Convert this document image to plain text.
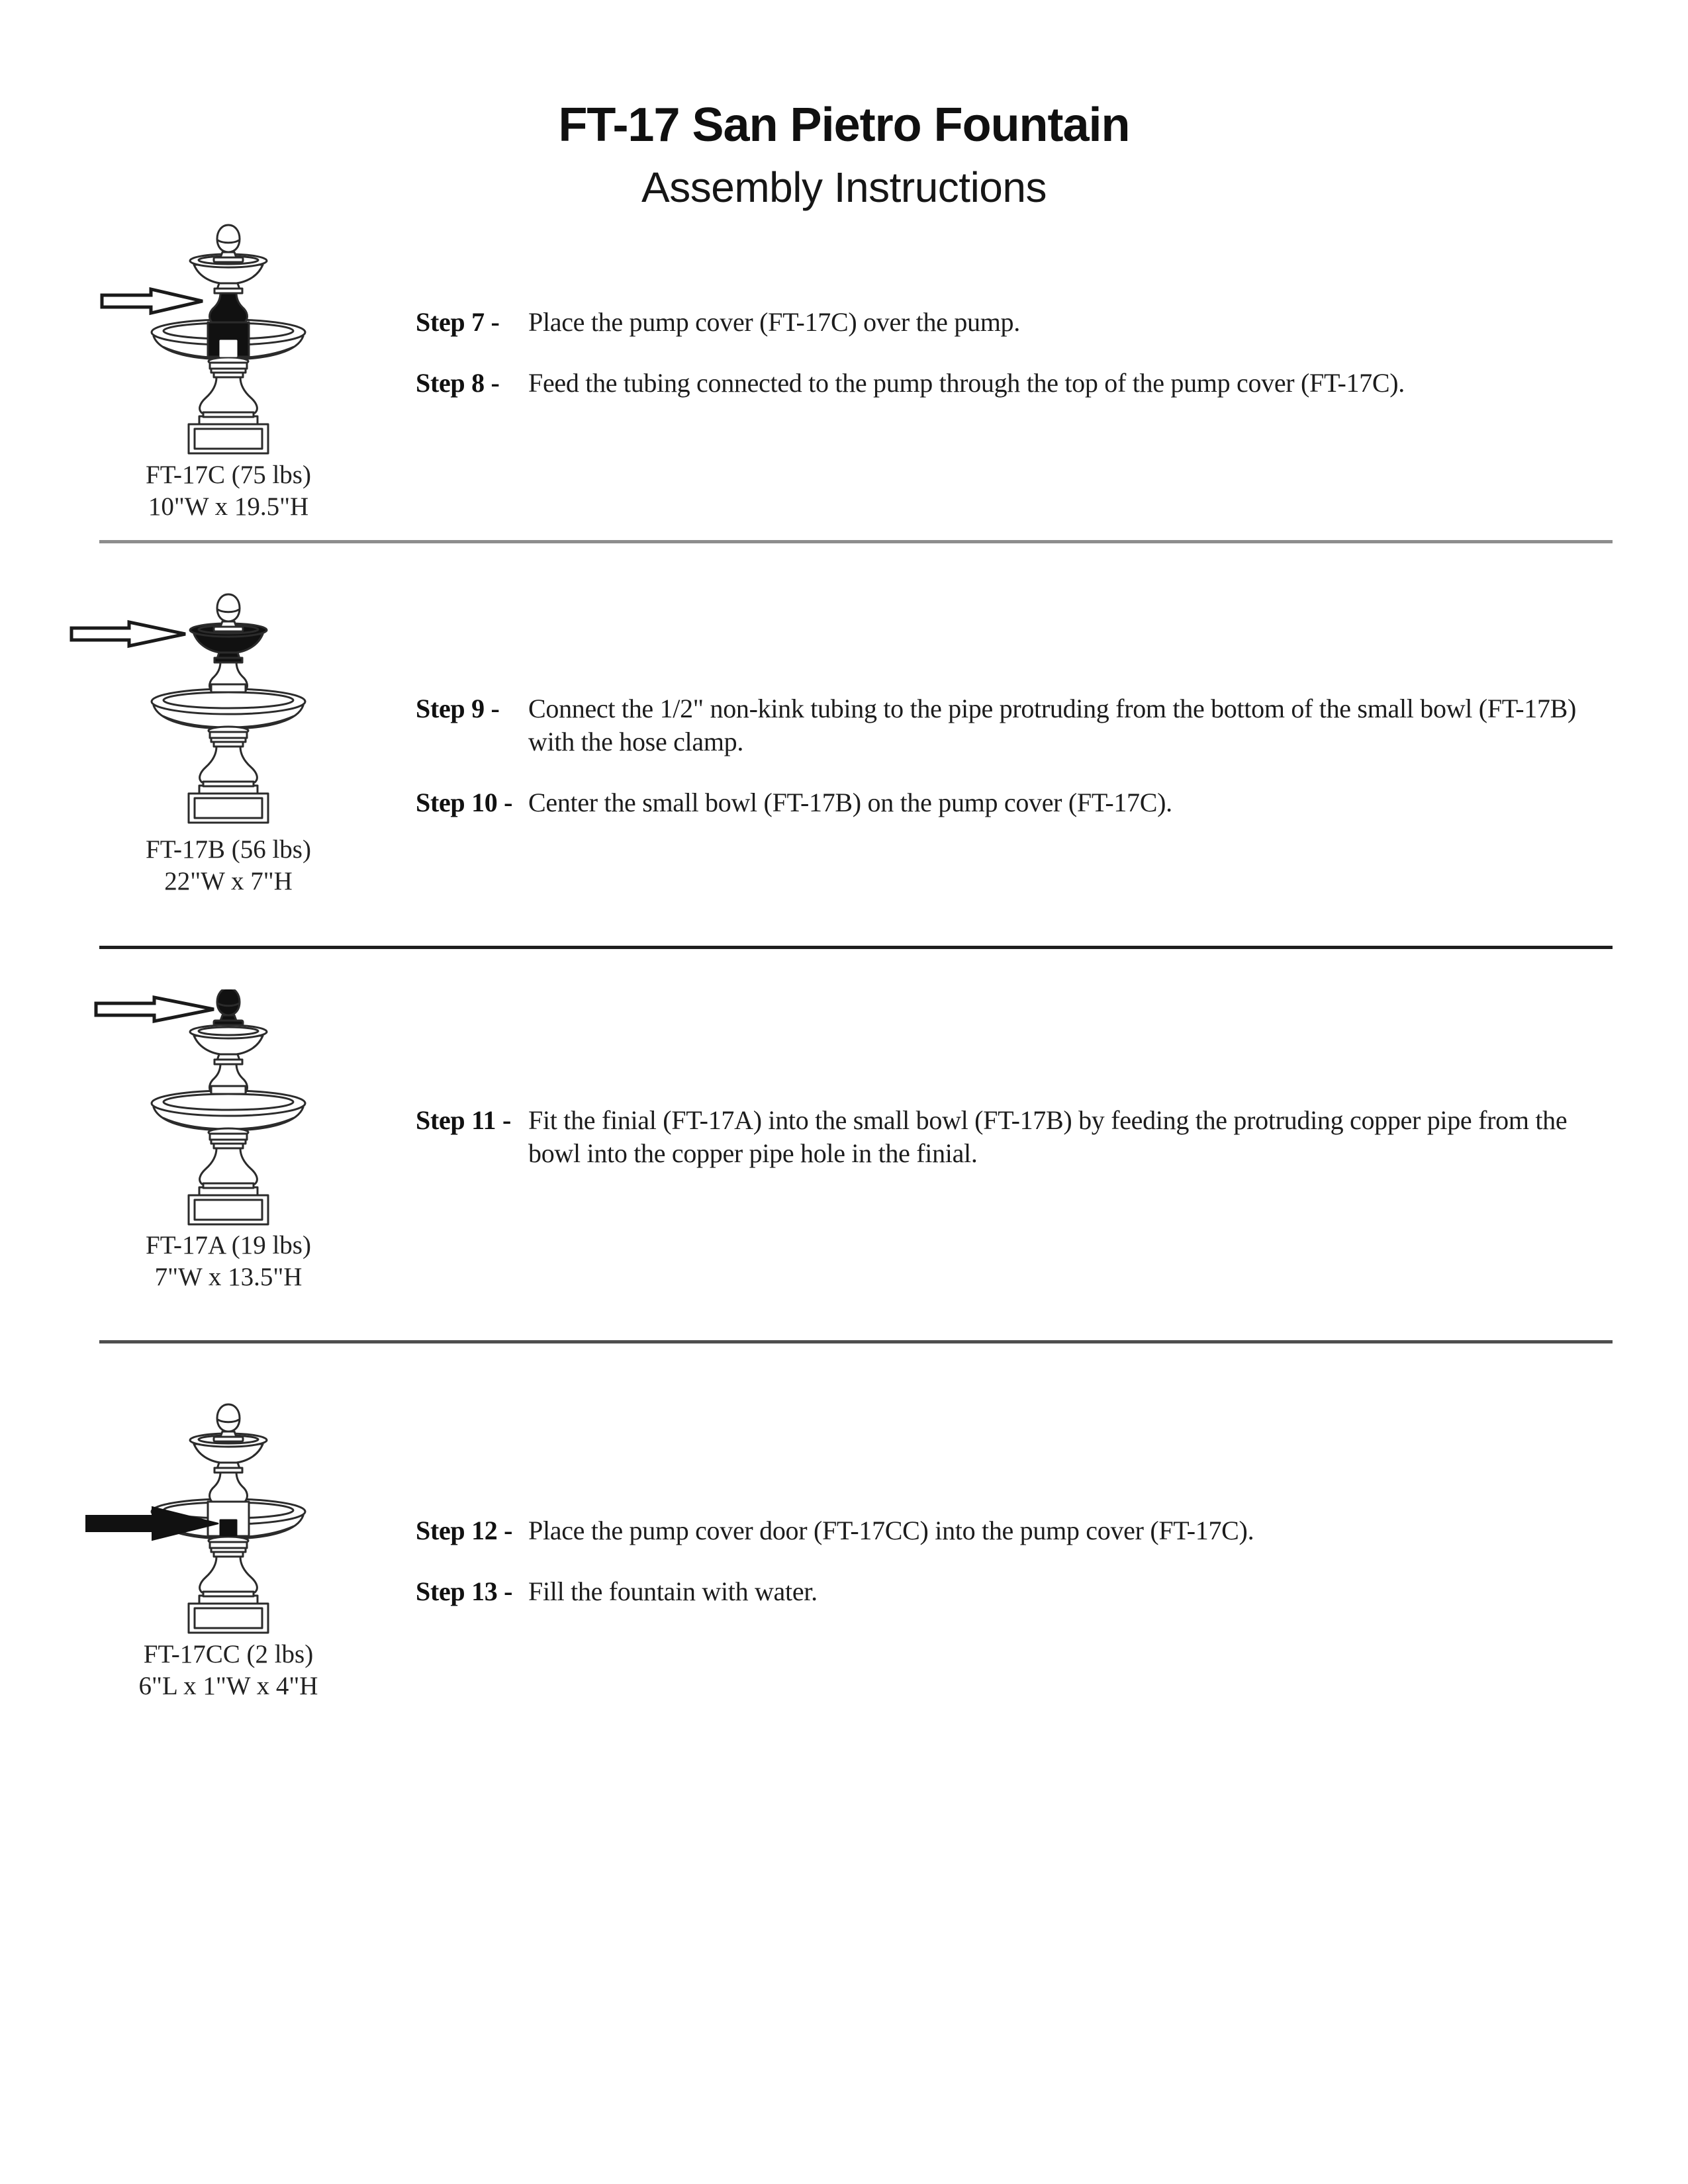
FT-17 San Pietro Fountain
Assembly Instructions
FT-17C (75 lbs)
10"W x 19.5"H
Step 7 -	Place the pump cover (FT-17C) over the pump.
Step 8 -	Feed the tubing connected to the pump through the top of the pump cover (FT-17C).
FT-17B (56 lbs)
22"W x 7"H
Step 9 -	Connect the 1/2" non-kink tubing to the pipe protruding from the bottom of the small bowl (FT-17B) with the hose clamp.
Step 10 - Center the small bowl (FT-17B) on the pump cover (FT-17C).
FT-17A (19 lbs)
7"W x 13.5"H
Step 11 - Fit the finial (FT-17A) into the small bowl (FT-17B) by feeding the protruding copper pipe from the bowl into the copper pipe hole in the finial.
FT-17CC (2 lbs)
6"L x 1"W x 4"H
Step 12 - Place the pump cover door (FT-17CC) into the pump cover (FT-17C).
Step 13 - Fill the fountain with water.
